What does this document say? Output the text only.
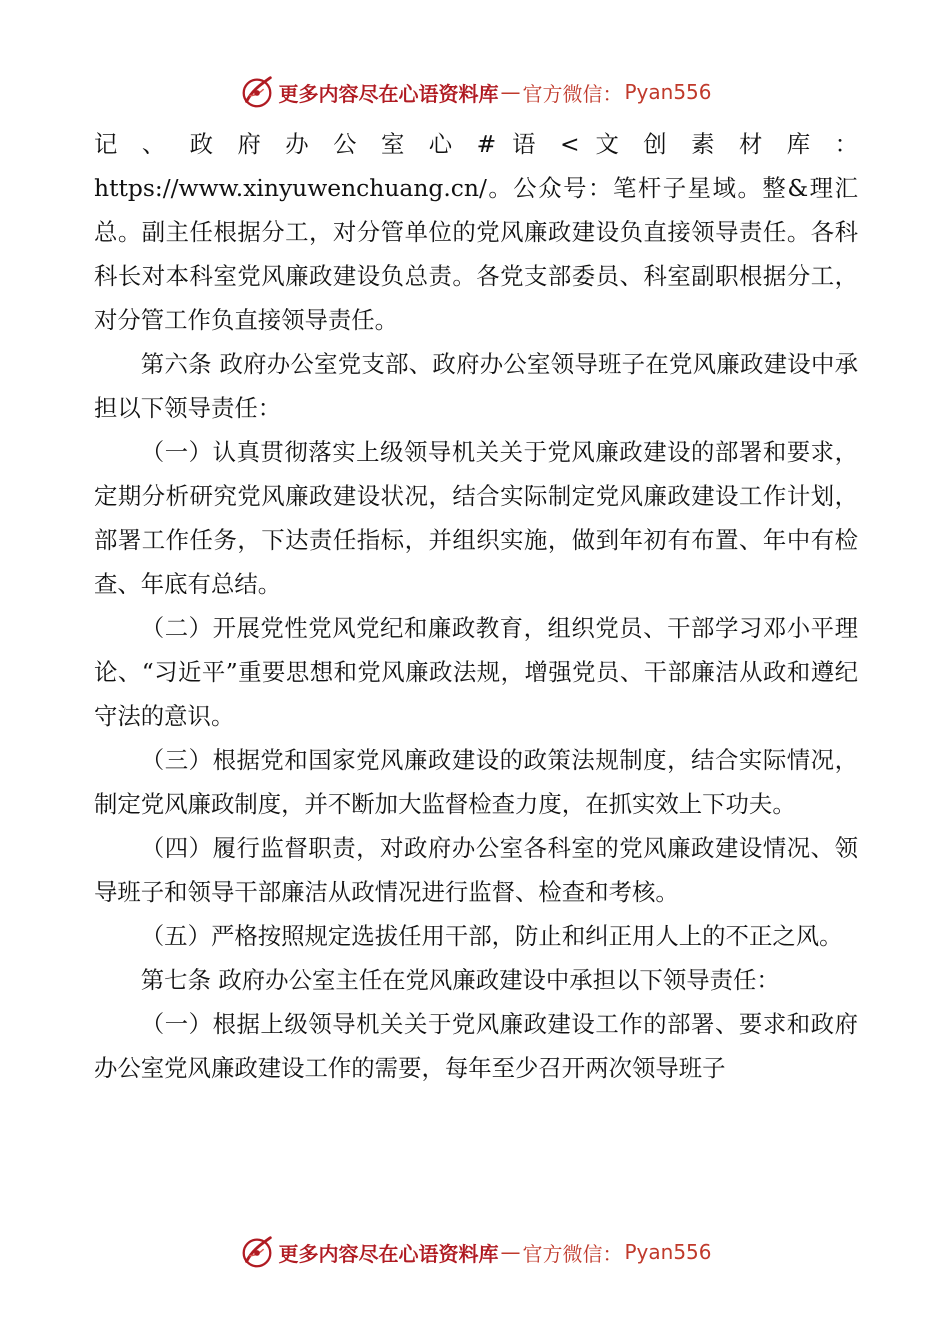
更多内容尽在心语资料库 — 官方微信： Pyan556

记 、 政 府 办 公 室 心 # 语 < 文 创 素 材 库 ： https://www.xinyuwenchuang.cn/。公众号：笔杆子星域。整&理汇总。副主任根据分工，对分管单位的党风廉政建设负直接领导责任。各科科长对本科室党风廉政建设负总责。各党支部委员、科室副职根据分工，对分管工作负直接领导责任。

第六条 政府办公室党支部、政府办公室领导班子在党风廉政建设中承担以下领导责任：

（一）认真贯彻落实上级领导机关关于党风廉政建设的部署和要求，定期分析研究党风廉政建设状况，结合实际制定党风廉政建设工作计划，部署工作任务，下达责任指标，并组织实施，做到年初有布置、年中有检查、年底有总结。

（二）开展党性党风党纪和廉政教育，组织党员、干部学习邓小平理论、“习近平”重要思想和党风廉政法规，增强党员、干部廉洁从政和遵纪守法的意识。

（三）根据党和国家党风廉政建设的政策法规制度，结合实际情况，制定党风廉政制度，并不断加大监督检查力度，在抓实效上下功夫。

（四）履行监督职责，对政府办公室各科室的党风廉政建设情况、领导班子和领导干部廉洁从政情况进行监督、检查和考核。

（五）严格按照规定选拔任用干部，防止和纠正用人上的不正之风。

第七条 政府办公室主任在党风廉政建设中承担以下领导责任：

（一）根据上级领导机关关于党风廉政建设工作的部署、要求和政府办公室党风廉政建设工作的需要，每年至少召开两次领导班子

更多内容尽在心语资料库 — 官方微信： Pyan556
